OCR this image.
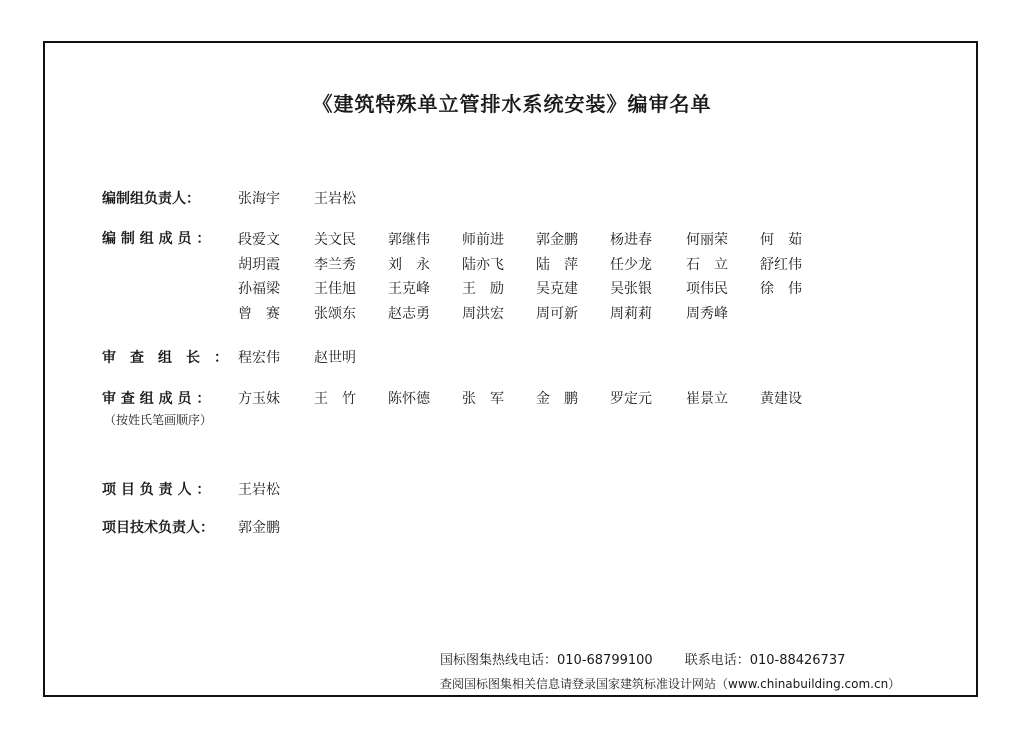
《建筑特殊单立管排水系统安装》编审名单
编制组负责人：	张海宇 王岩松
编 制 组 成 员 ： 段爱文 关文民 郭继伟 师前进 郭金鹏 杨进春 何丽荣 何　茹
胡玥霞 李兰秀 刘　永 陆亦飞 陆　萍 任少龙 石　立 舒红伟
孙福梁 王佳旭 王克峰 王　励 吴克建 吴张银 项伟民 徐　伟
曾　赛 张颂东 赵志勇 周洪宏 周可新 周莉莉 周秀峰
审　查　组　长　： 程宏伟 赵世明
审 查 组 成 员 ：
（按姓氏笔画顺序）
方玉妹 王　竹 陈怀德 张　军 金　鹏 罗定元 崔景立 黄建设
项 目 负 责 人 ： 王岩松
项目技术负责人： 郭金鹏
国标图集热线电话：010-68799100 联系电话：010-88426737
查阅国标图集相关信息请登录国家建筑标准设计网站（www.chinabuilding.com.cn）
